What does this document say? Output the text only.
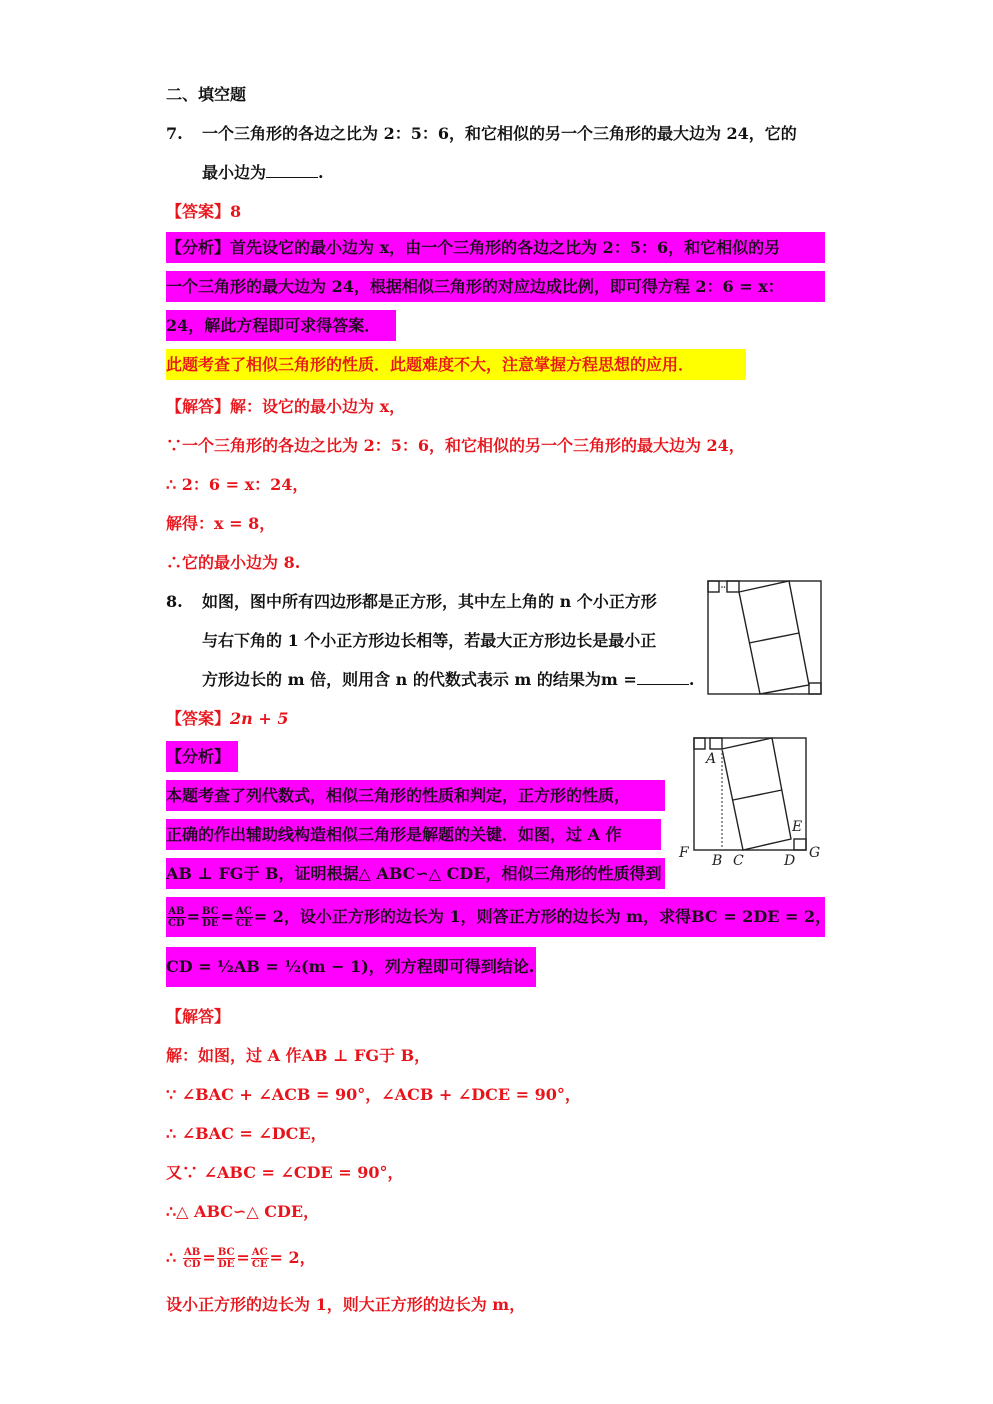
二、填空题
7. 一个三角形的各边之比为 2：5：6，和它相似的另一个三角形的最大边为 24，它的
最小边为	.
【答案】8
【分析】首先设它的最小边为 x，由一个三角形的各边之比为 2：5：6，和它相似的另
一个三角形的最大边为 24，根据相似三角形的对应边成比例，即可得方程 2：6 = x：
24，解此方程即可求得答案．
此题考查了相似三角形的性质．此题难度不大，注意掌握方程思想的应用．
【解答】解：设它的最小边为 x，
∵一个三角形的各边之比为 2：5：6，和它相似的另一个三角形的最大边为 24，
∴ 2：6 = x：24，
解得：x = 8，
∴它的最小边为 8.
8. 如图，图中所有四边形都是正方形，其中左上角的 n 个小正方形
与右下角的 1 个小正方形边长相等，若最大正方形边长是最小正
方形边长的 m 倍，则用含 n 的代数式表示 m 的结果为m =	.
【答案】2n + 5
【分析】
本题考查了列代数式，相似三角形的性质和判定，正方形的性质，
正确的作出辅助线构造相似三角形是解题的关键．如图，过 A 作
AB ⊥ FG于 B，证明根据△ ABC∽△ CDE，相似三角形的性质得到
$\frac{AB}{CD} = \frac{BC}{DE} = \frac{AC}{CE} = 2$，设小正方形的边长为 1，则答正方形的边长为 m，求得BC = 2DE = 2，
CD = ½AB = ½(m − 1)，列方程即可得到结论.
A
F B C	D
E
G
【解答】
解：如图，过 A 作AB ⊥ FG于 B，
∵ ∠BAC + ∠ACB = 90°，∠ACB + ∠DCE = 90°，
∴ ∠BAC = ∠DCE，
又∵ ∠ABC = ∠CDE = 90°，
∴△ ABC∽△ CDE，
∴ $\frac{AB}{CD} = \frac{BC}{DE} = \frac{AC}{CE} = 2$，
设小正方形的边长为 1，则大正方形的边长为 m，
